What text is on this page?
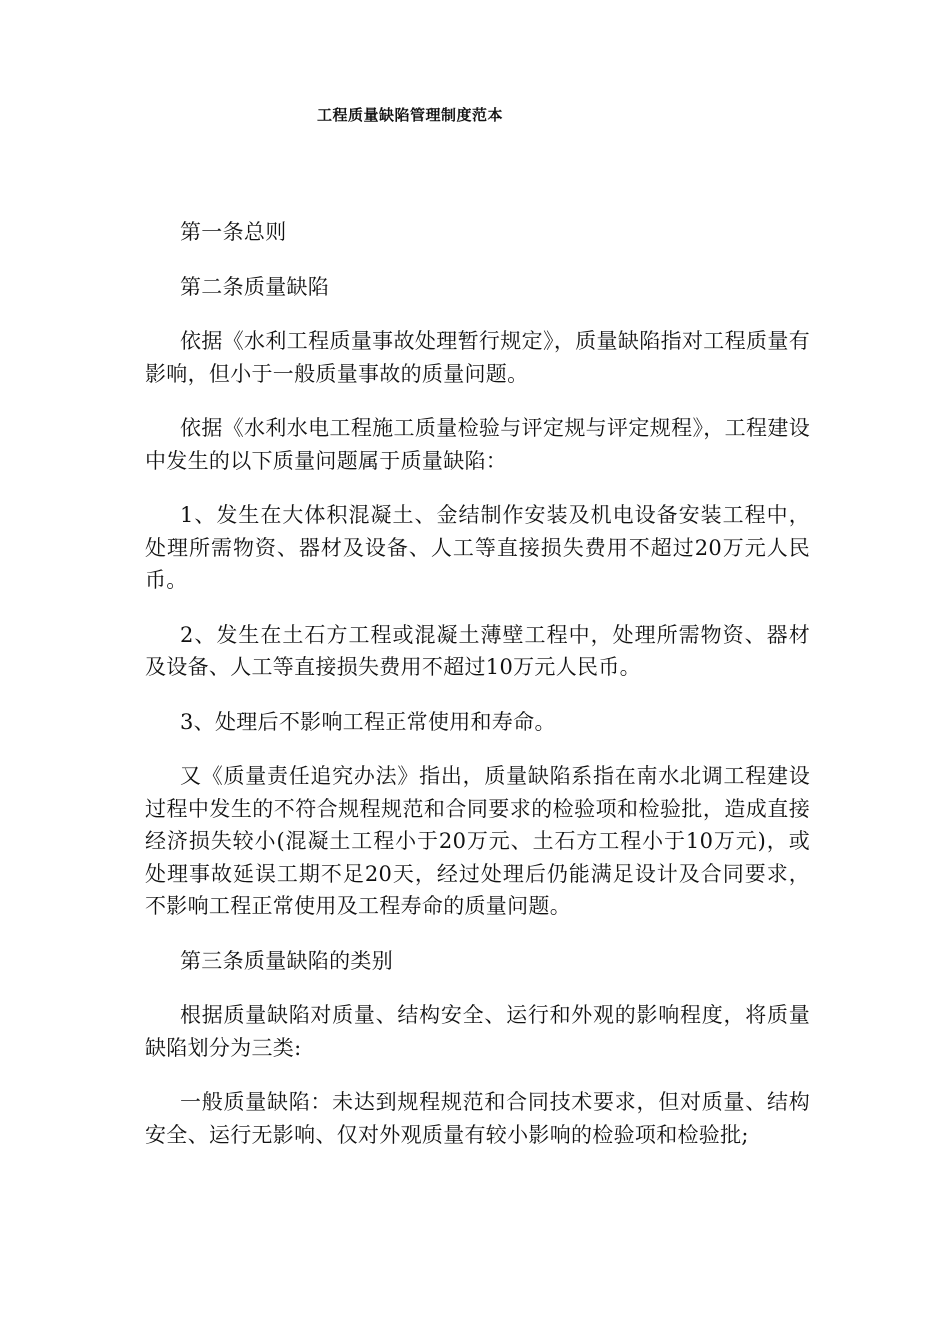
工程质量缺陷管理制度范本

第一条总则

第二条质量缺陷

依据《水利工程质量事故处理暂行规定》，质量缺陷指对工程质量有影响，但小于一般质量事故的质量问题。

依据《水利水电工程施工质量检验与评定规与评定规程》，工程建设中发生的以下质量问题属于质量缺陷：

1、发生在大体积混凝土、金结制作安装及机电设备安装工程中，处理所需物资、器材及设备、人工等直接损失费用不超过20万元人民币。

2、发生在土石方工程或混凝土薄壁工程中，处理所需物资、器材及设备、人工等直接损失费用不超过10万元人民币。

3、处理后不影响工程正常使用和寿命。

又《质量责任追究办法》指出，质量缺陷系指在南水北调工程建设过程中发生的不符合规程规范和合同要求的检验项和检验批，造成直接经济损失较小(混凝土工程小于20万元、土石方工程小于10万元)，或处理事故延误工期不足20天，经过处理后仍能满足设计及合同要求，不影响工程正常使用及工程寿命的质量问题。

第三条质量缺陷的类别

根据质量缺陷对质量、结构安全、运行和外观的影响程度，将质量缺陷划分为三类:

一般质量缺陷：未达到规程规范和合同技术要求，但对质量、结构安全、运行无影响、仅对外观质量有较小影响的检验项和检验批;
